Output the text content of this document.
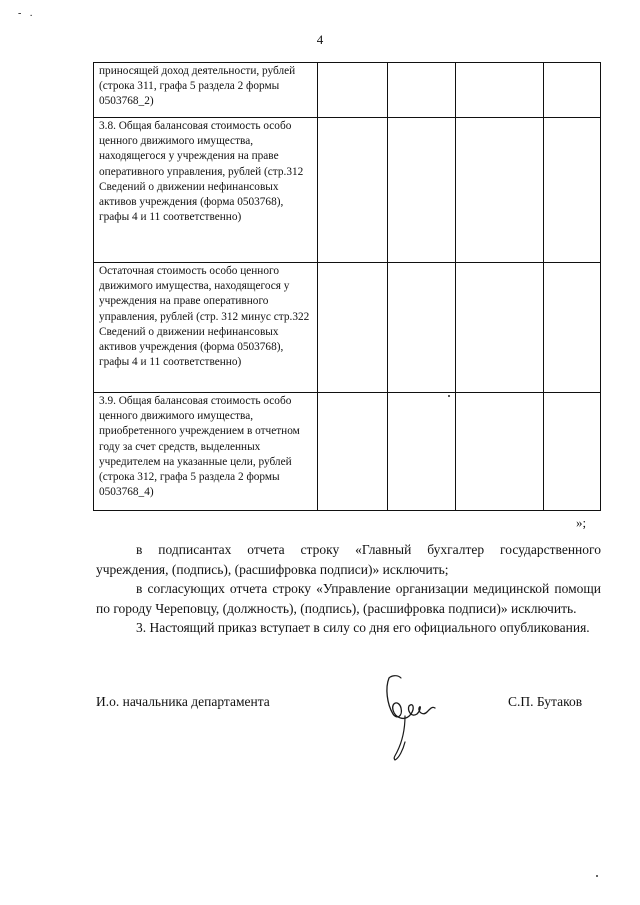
- .
4
приносящей доход деятельности, рублей (строка 311, графа 5 раздела 2 формы 0503768_2)				
3.8. Общая балансовая стоимость особо ценного движимого имущества, находящегося у учреждения на праве оперативного управления, рублей (стр.312 Сведений о движении нефинансовых активов учреждения (форма 0503768), графы 4 и 11 соответственно)				
Остаточная стоимость особо ценного движимого имущества, находящегося у учреждения на праве оперативного управления, рублей (стр. 312 минус стр.322 Сведений о движении нефинансовых активов учреждения (форма 0503768), графы 4 и 11 соответственно)				
3.9. Общая балансовая стоимость особо ценного движимого имущества, приобретенного учреждением в отчетном году за счет средств, выделенных учредителем на указанные цели, рублей (строка 312, графа 5 раздела 2 формы 0503768_4)				
»;

в подписантах отчета строку «Главный бухгалтер государственного учреждения, (подпись), (расшифровка подписи)» исключить;

в согласующих отчета строку «Управление организации медицинской помощи по городу Череповцу, (должность), (подпись), (расшифровка подписи)» исключить.

3. Настоящий приказ вступает в силу со дня его официального опубликования.

И.о. начальника департамента	С.П. Бутаков
